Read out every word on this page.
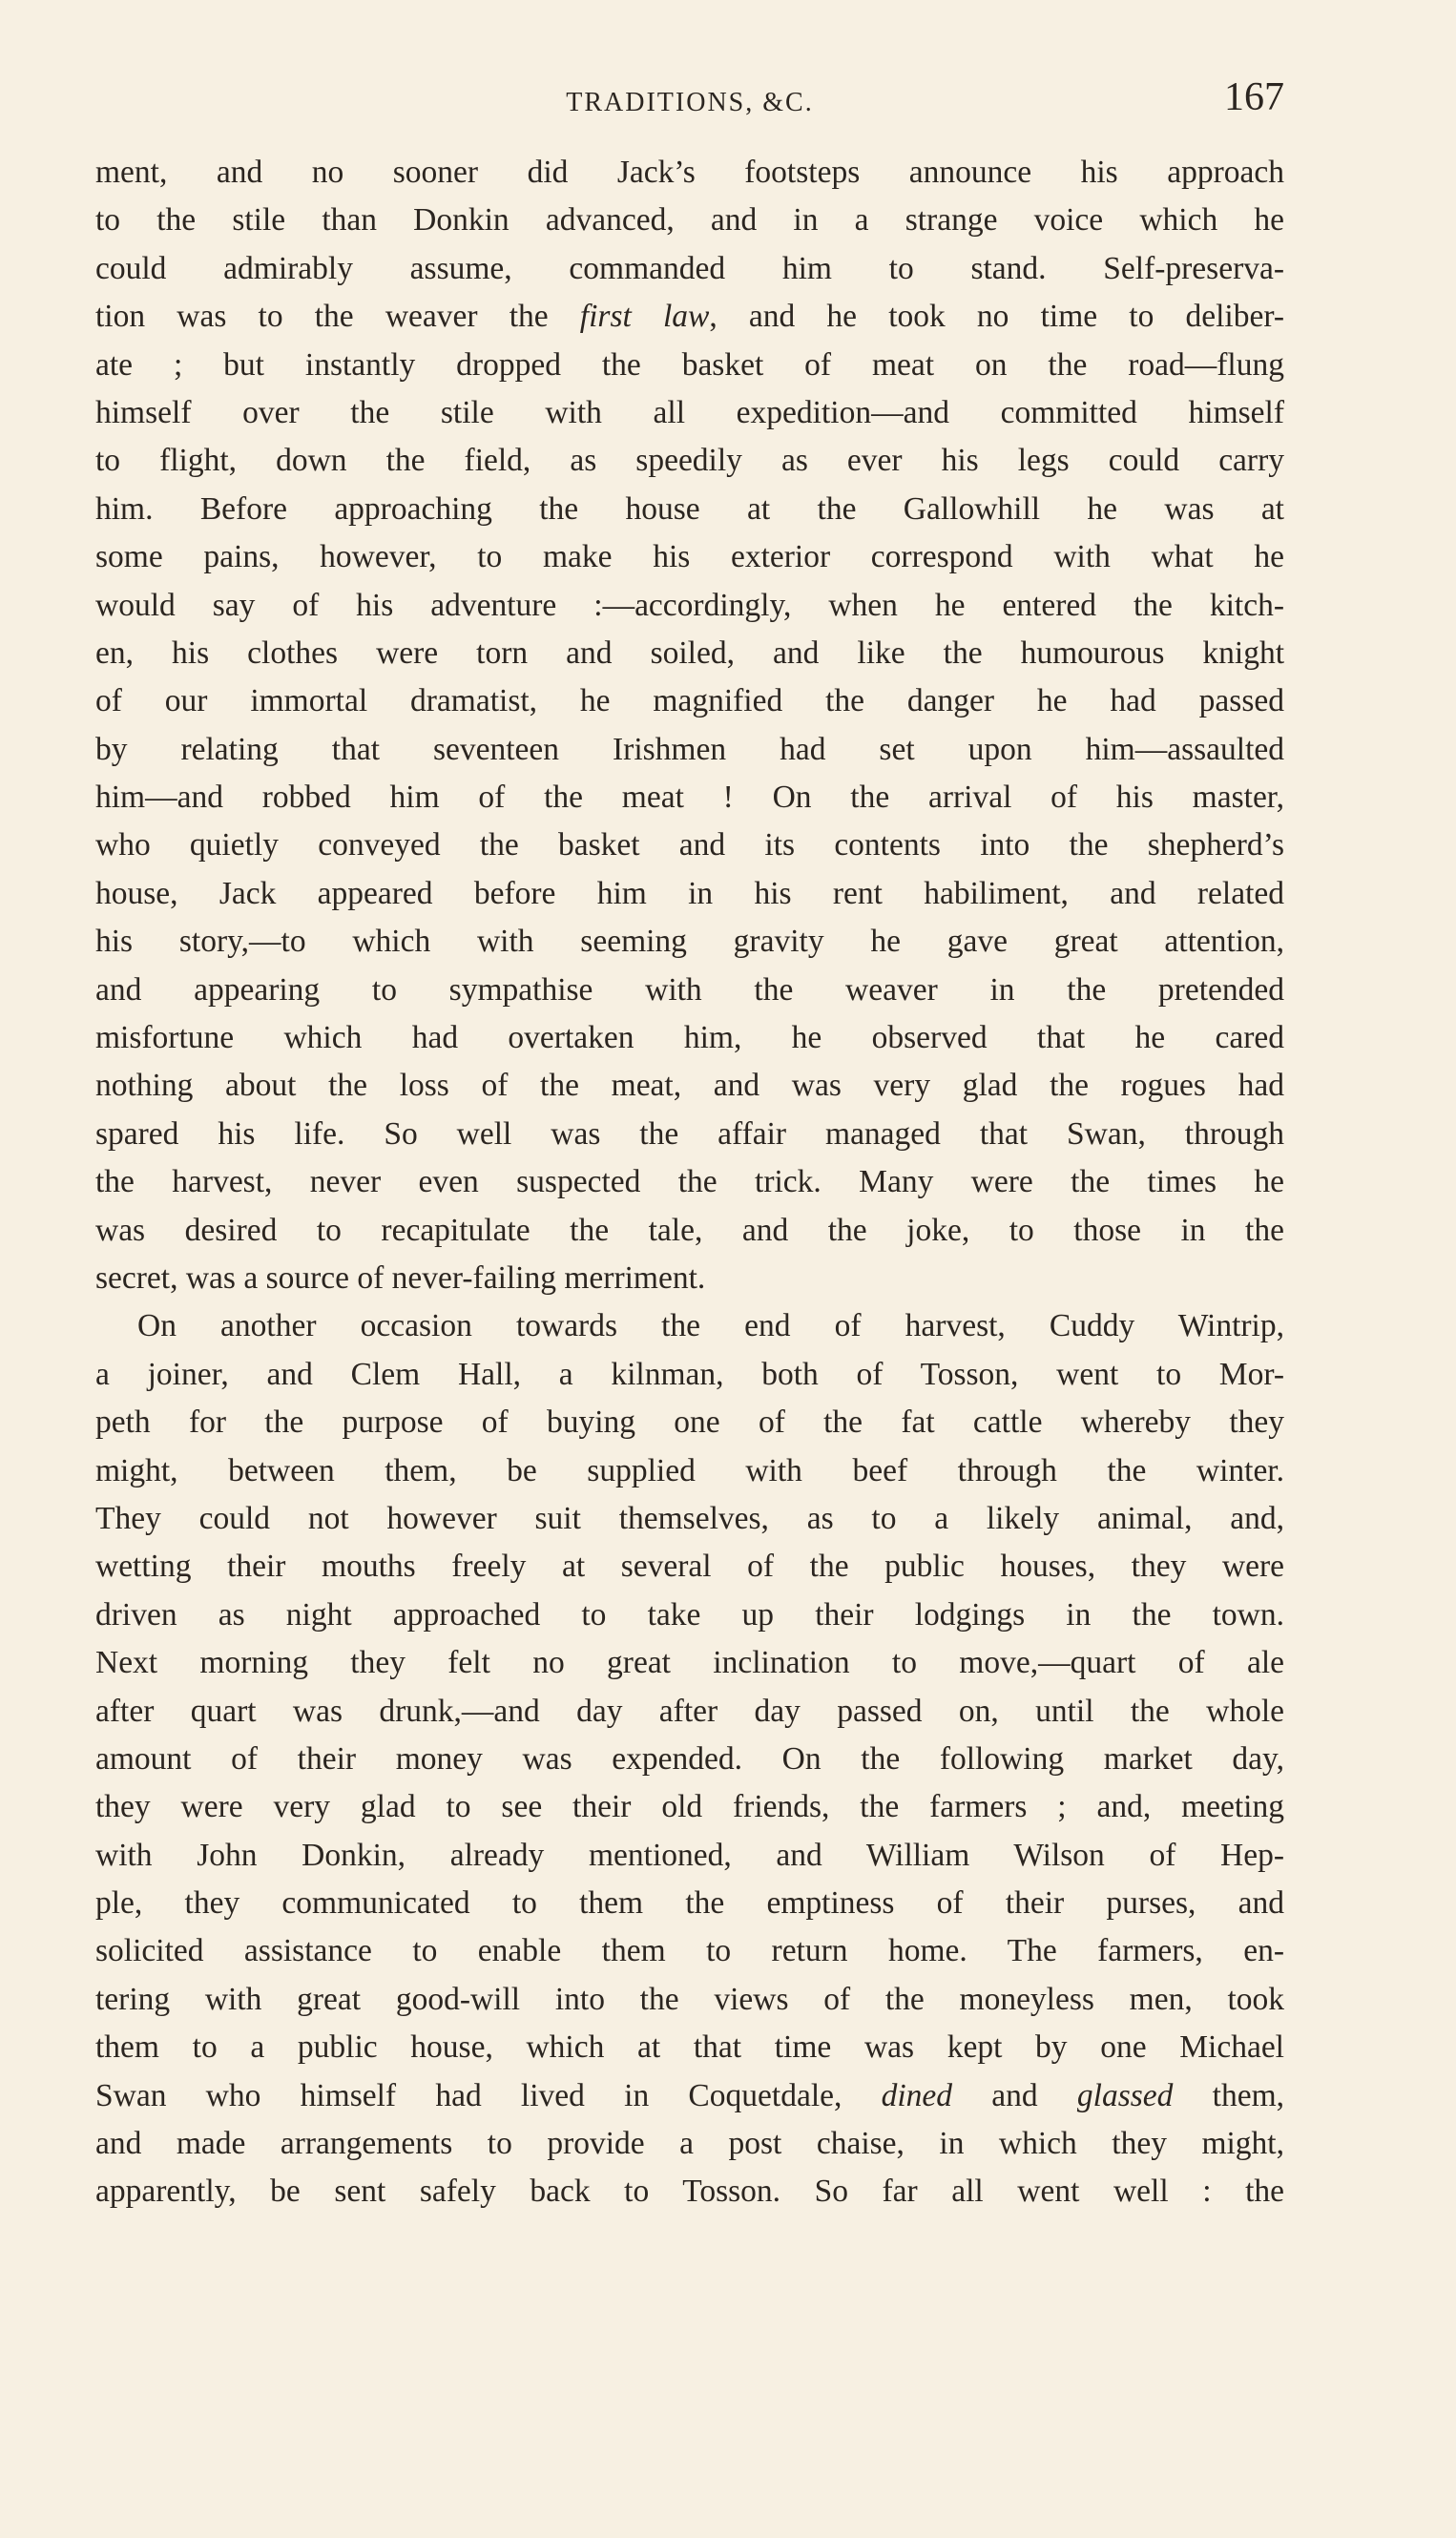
TRADITIONS, &C.	167
ment, and no sooner did Jack’s footsteps announce his approach
to the stile than Donkin advanced, and in a strange voice which he
could admirably assume, commanded him to stand. Self-preserva-
tion was to the weaver the first law, and he took no time to deliber-
ate ; but instantly dropped the basket of meat on the road—flung
himself over the stile with all expedition—and committed himself
to flight, down the field, as speedily as ever his legs could carry
him. Before approaching the house at the Gallowhill he was at
some pains, however, to make his exterior correspond with what he
would say of his adventure :—accordingly, when he entered the kitch-
en, his clothes were torn and soiled, and like the humourous knight
of our immortal dramatist, he magnified the danger he had passed
by relating that seventeen Irishmen had set upon him—assaulted
him—and robbed him of the meat ! On the arrival of his master,
who quietly conveyed the basket and its contents into the shepherd’s
house, Jack appeared before him in his rent habiliment, and related
his story,—to which with seeming gravity he gave great attention,
and appearing to sympathise with the weaver in the pretended
misfortune which had overtaken him, he observed that he cared
nothing about the loss of the meat, and was very glad the rogues had
spared his life. So well was the affair managed that Swan, through
the harvest, never even suspected the trick. Many were the times he
was desired to recapitulate the tale, and the joke, to those in the
secret, was a source of never-failing merriment.
On another occasion towards the end of harvest, Cuddy Wintrip,
a joiner, and Clem Hall, a kilnman, both of Tosson, went to Mor-
peth for the purpose of buying one of the fat cattle whereby they
might, between them, be supplied with beef through the winter.
They could not however suit themselves, as to a likely animal, and,
wetting their mouths freely at several of the public houses, they were
driven as night approached to take up their lodgings in the town.
Next morning they felt no great inclination to move,—quart of ale
after quart was drunk,—and day after day passed on, until the whole
amount of their money was expended. On the following market day,
they were very glad to see their old friends, the farmers ; and, meeting
with John Donkin, already mentioned, and William Wilson of Hep-
ple, they communicated to them the emptiness of their purses, and
solicited assistance to enable them to return home. The farmers, en-
tering with great good-will into the views of the moneyless men, took
them to a public house, which at that time was kept by one Michael
Swan who himself had lived in Coquetdale, dined and glassed them,
and made arrangements to provide a post chaise, in which they might,
apparently, be sent safely back to Tosson. So far all went well : the
